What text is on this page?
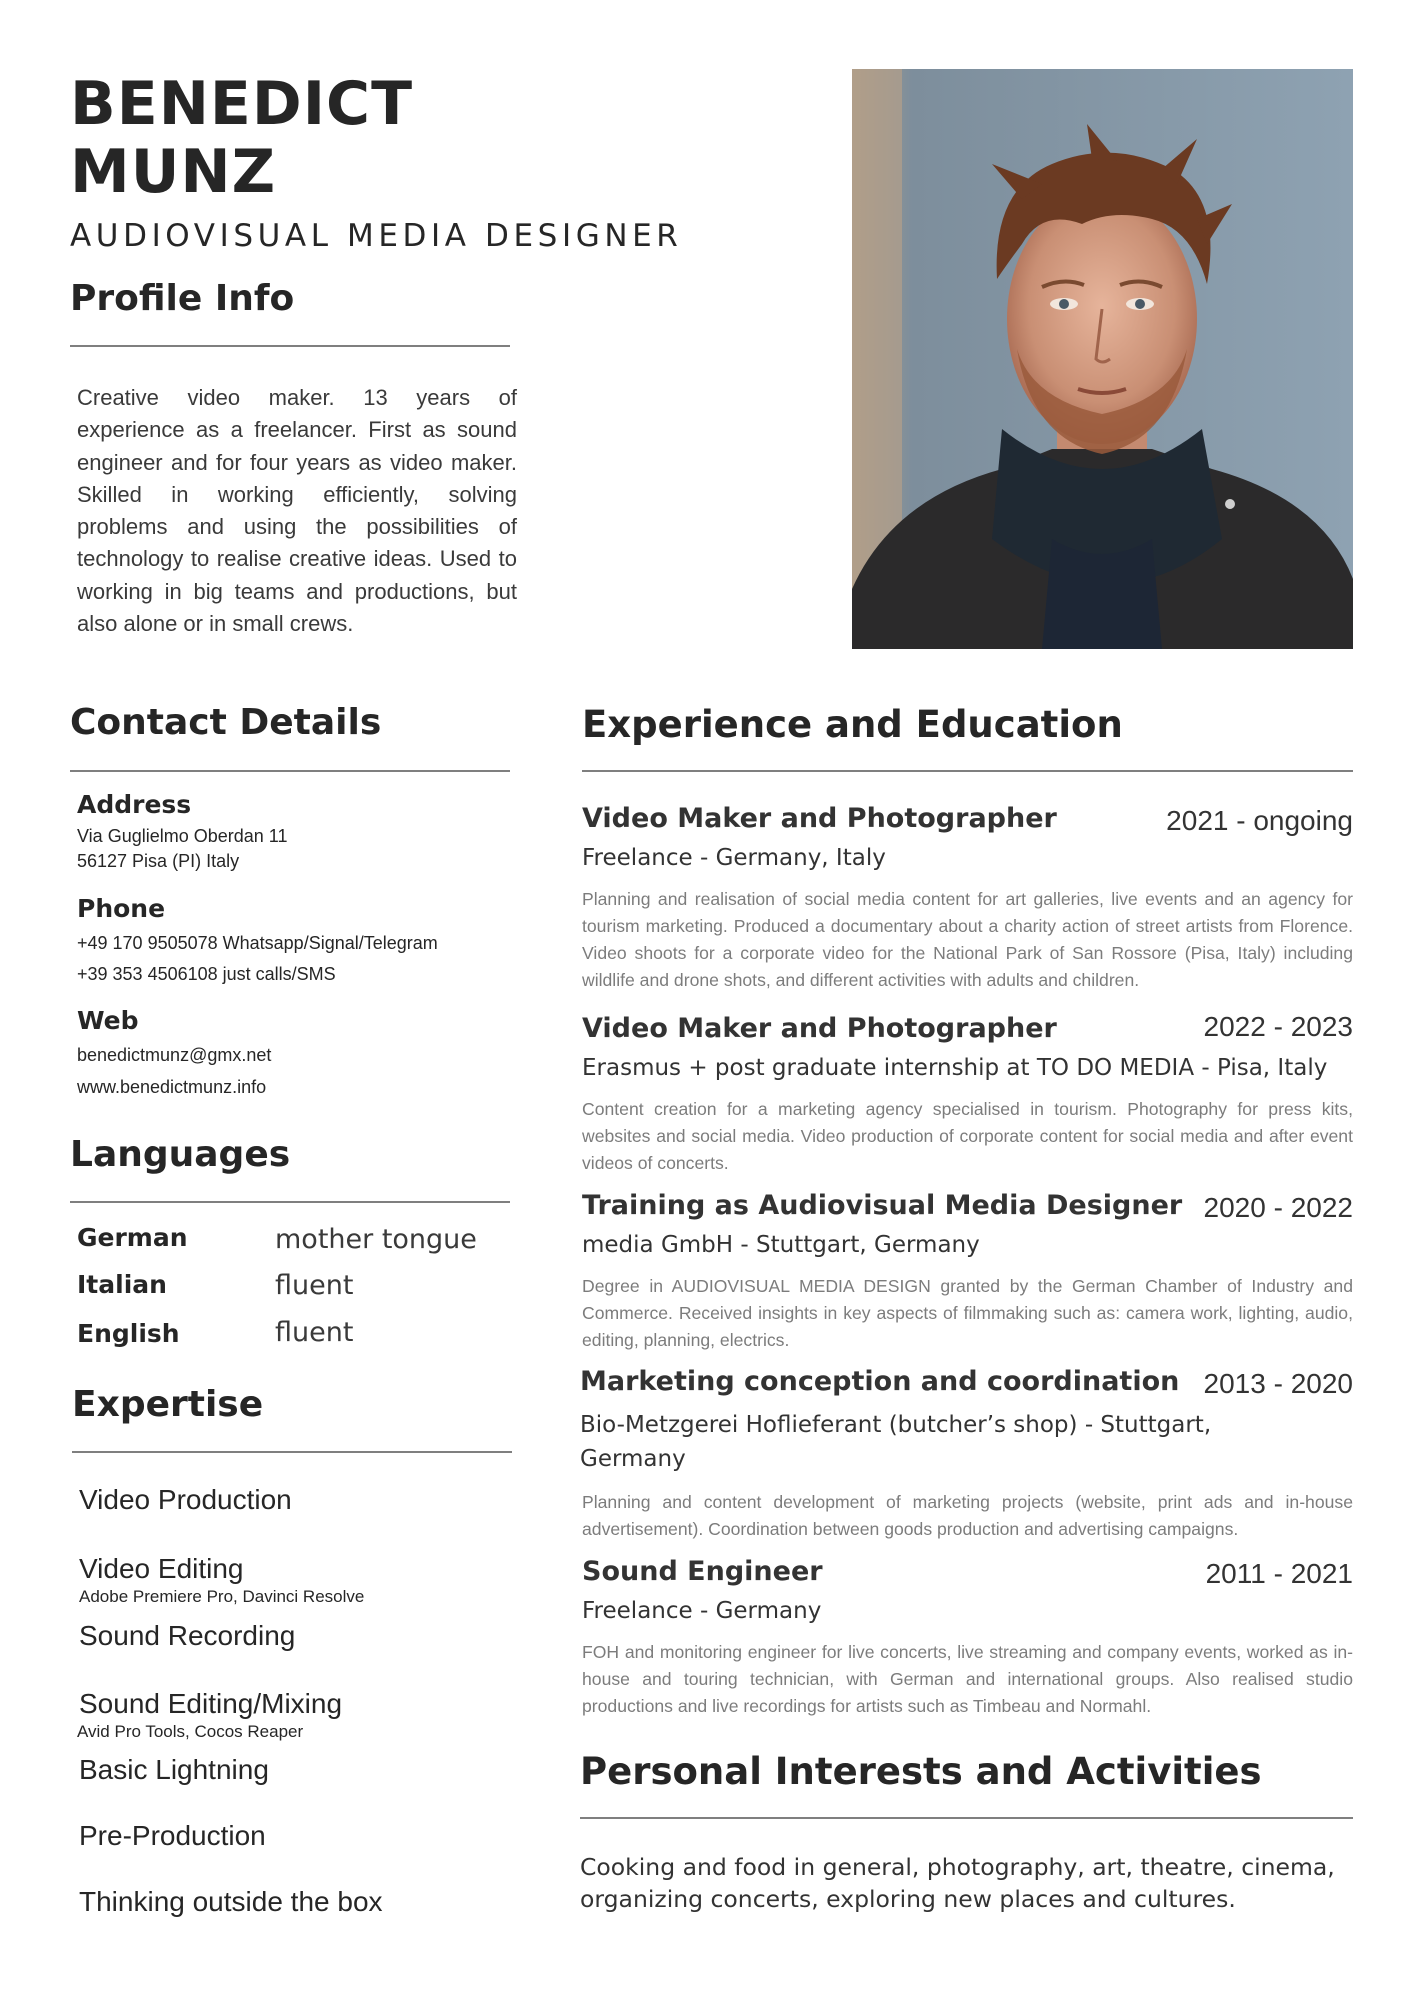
BENEDICT
MUNZ
AUDIOVISUAL MEDIA DESIGNER
Profile Info
Creative video maker. 13 years of experience as a freelancer. First as sound engineer and for four years as video maker. Skilled in working efficiently, solving problems and using the possibilities of technology to realise creative ideas. Used to working in big teams and productions, but also alone or in small crews.
Contact Details
Address
Via Guglielmo Oberdan 11
56127 Pisa (PI) Italy
Phone
+49 170 9505078 Whatsapp/Signal/Telegram
+39 353 4506108 just calls/SMS
Web
benedictmunz@gmx.net
www.benedictmunz.info
Languages
German	mother tongue
Italian	fluent
English	fluent
Expertise
Video Production
Video Editing
Adobe Premiere Pro, Davinci Resolve
Sound Recording
Sound Editing/Mixing
Avid Pro Tools, Cocos Reaper
Basic Lightning
Pre-Production
Thinking outside the box
Experience and Education
Video Maker and Photographer	2021 - ongoing
Freelance - Germany, Italy
Planning and realisation of social media content for art galleries, live events and an agency for tourism marketing. Produced a documentary about a charity action of street artists from Florence. Video shoots for a corporate video for the National Park of San Rossore (Pisa, Italy) including wildlife and drone shots, and different activities with adults and children.
Video Maker and Photographer	2022 - 2023
Erasmus + post graduate internship at TO DO MEDIA - Pisa, Italy
Content creation for a marketing agency specialised in tourism. Photography for press kits, websites and social media. Video production of corporate content for social media and after event videos of concerts.
Training as Audiovisual Media Designer 2020 - 2022
media GmbH - Stuttgart, Germany
Degree in AUDIOVISUAL MEDIA DESIGN granted by the German Chamber of Industry and Commerce. Received insights in key aspects of filmmaking such as: camera work, lighting, audio, editing, planning, electrics.
Marketing conception and coordination 2013 - 2020
Bio-Metzgerei Hoflieferant (butcher’s shop) - Stuttgart, Germany
Planning and content development of marketing projects (website, print ads and in-house advertisement). Coordination between goods production and advertising campaigns.
Sound Engineer	2011 - 2021
Freelance - Germany
FOH and monitoring engineer for live concerts, live streaming and company events, worked as in-house and touring technician, with German and international groups. Also realised studio productions and live recordings for artists such as Timbeau and Normahl.
Personal Interests and Activities
Cooking and food in general, photography, art, theatre, cinema, organizing concerts, exploring new places and cultures.
